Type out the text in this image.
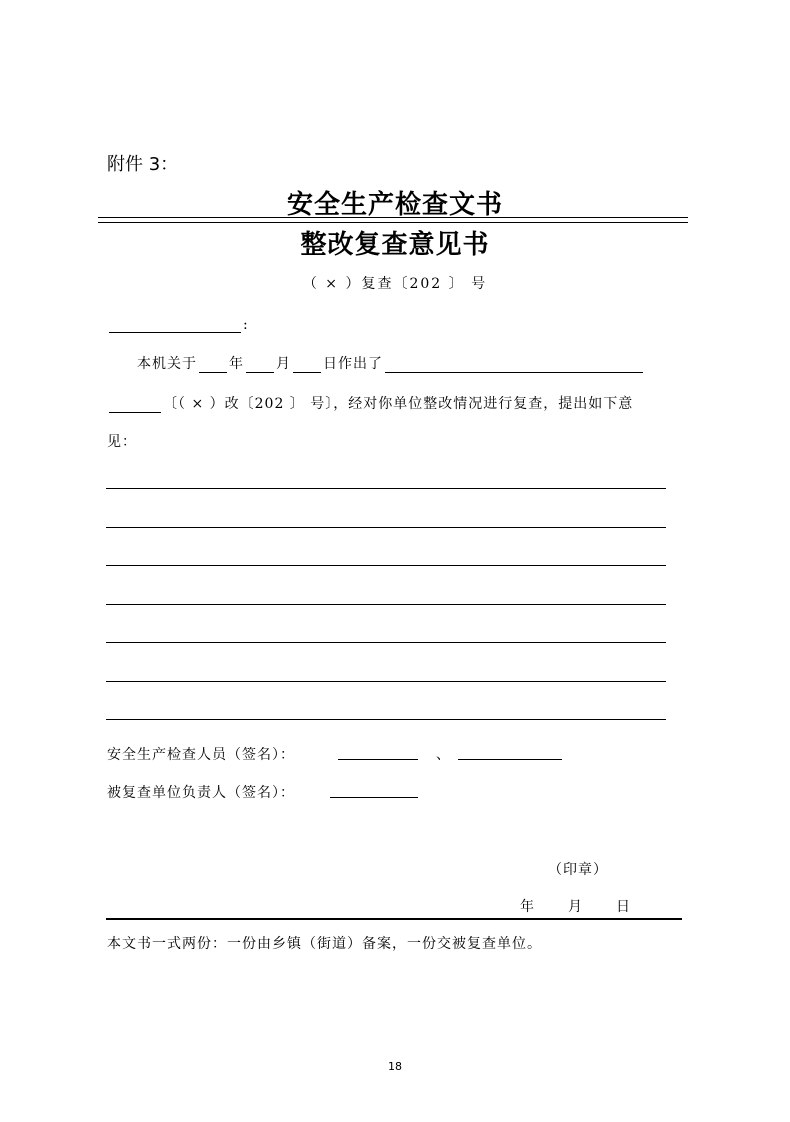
附件 3：
安全生产检查文书
整改复查意见书
（ × ）复查〔202 〕 号
:
本机关于 年 月 日作出了
〔（ × ）改〔202 〕 号〕，经对你单位整改情况进行复查，提出如下意
见：
安全生产检查人员（签名）：	、
被复查单位负责人（签名）：
（印章）
年 月 日
本文书一式两份：一份由乡镇（街道）备案，一份交被复查单位。
18
